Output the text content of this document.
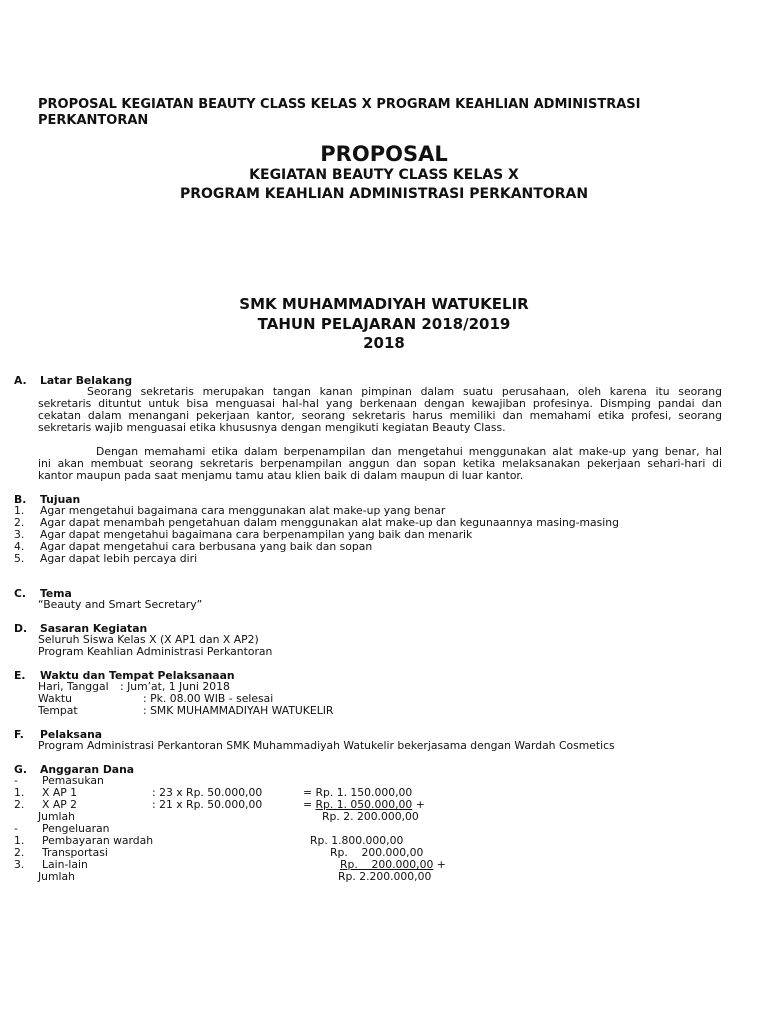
PROPOSAL KEGIATAN BEAUTY CLASS KELAS X PROGRAM KEAHLIAN ADMINISTRASI
PERKANTORAN
PROPOSAL
KEGIATAN BEAUTY CLASS KELAS X
PROGRAM KEAHLIAN ADMINISTRASI PERKANTORAN
SMK MUHAMMADIYAH WATUKELIR
TAHUN PELAJARAN 2018/2019
2018
A. Latar Belakang
Seorang sekretaris merupakan tangan kanan pimpinan dalam suatu perusahaan, oleh karena itu seorang
sekretaris dituntut untuk bisa menguasai hal-hal yang berkenaan dengan kewajiban profesinya. Dismping pandai dan
cekatan dalam menangani pekerjaan kantor, seorang sekretaris harus memiliki dan memahami etika profesi, seorang
sekretaris wajib menguasai etika khususnya dengan mengikuti kegiatan Beauty Class.
Dengan memahami etika dalam berpenampilan dan mengetahui menggunakan alat make-up yang benar, hal
ini akan membuat seorang sekretaris berpenampilan anggun dan sopan ketika melaksanakan pekerjaan sehari-hari di
kantor maupun pada saat menjamu tamu atau klien baik di dalam maupun di luar kantor.
B. Tujuan
1. Agar mengetahui bagaimana cara menggunakan alat make-up yang benar
2. Agar dapat menambah pengetahuan dalam menggunakan alat make-up dan kegunaannya masing-masing
3. Agar dapat mengetahui bagaimana cara berpenampilan yang baik dan menarik
4. Agar dapat mengetahui cara berbusana yang baik dan sopan
5. Agar dapat lebih percaya diri
C. Tema
“Beauty and Smart Secretary”
D. Sasaran Kegiatan
Seluruh Siswa Kelas X (X AP1 dan X AP2)
Program Keahlian Administrasi Perkantoran
E. Waktu dan Tempat Pelaksanaan
Hari, Tanggal : Jum’at, 1 Juni 2018
Waktu	: Pk. 08.00 WIB - selesai
Tempat	: SMK MUHAMMADIYAH WATUKELIR
F. Pelaksana
Program Administrasi Perkantoran SMK Muhammadiyah Watukelir bekerjasama dengan Wardah Cosmetics
G. Anggaran Dana
- Pemasukan
1. X AP 1	: 23 x Rp. 50.000,00	= Rp. 1. 150.000,00
2. X AP 2	: 21 x Rp. 50.000,00	= Rp. 1. 050.000,00 +
Jumlah	Rp. 2. 200.000,00
- Pengeluaran
1. Pembayaran wardah	Rp. 1.800.000,00
2. Transportasi	Rp.    200.000,00
3. Lain-lain	Rp.    200.000,00 +
Jumlah	Rp. 2.200.000,00
